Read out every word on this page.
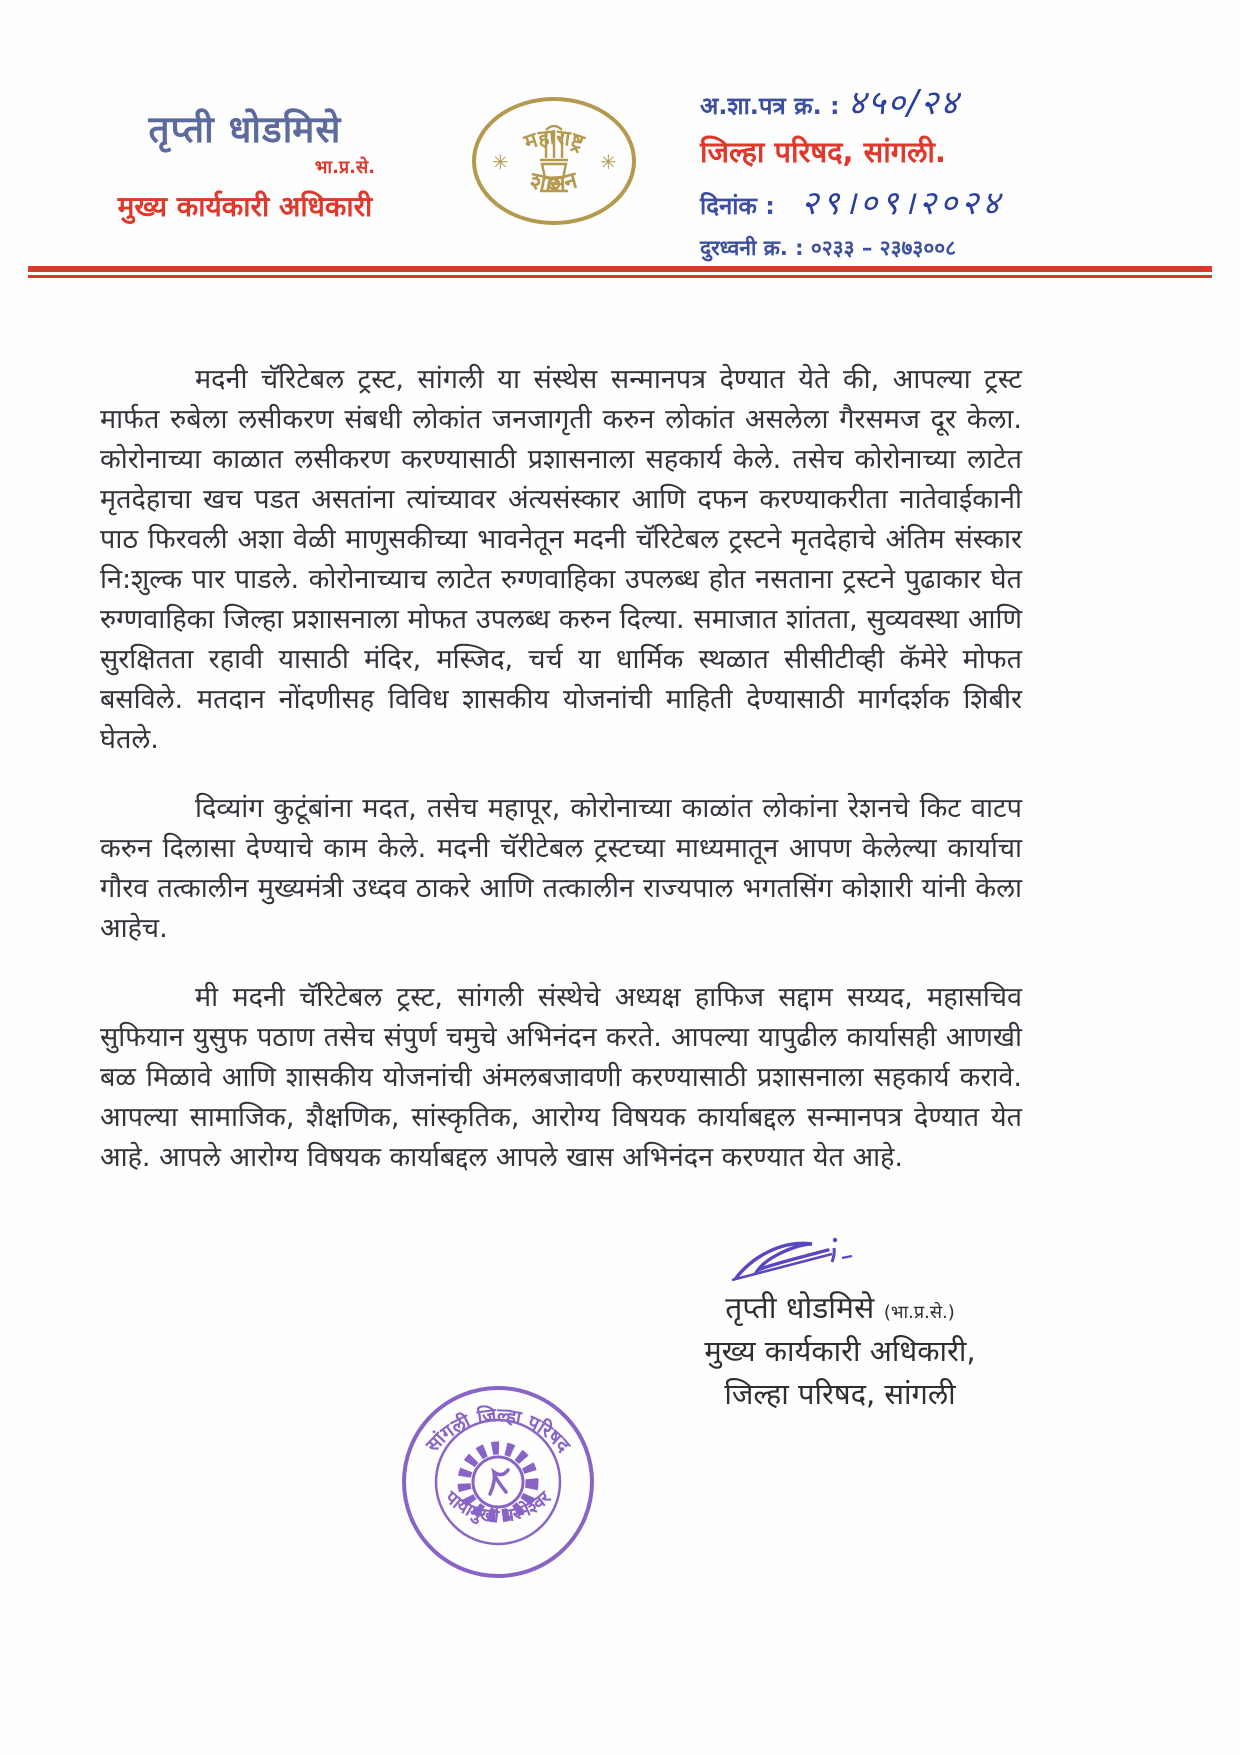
तृप्ती धोडमिसे
भा.प्र.से.
मुख्य कार्यकारी अधिकारी
महाराष्ट्र
शासन
✳	✳
अ.शा.पत्र क्र. : ४५०/२४
जिल्हा परिषद, सांगली.
दिनांक : २९।०९।२०२४
दुरध्वनी क्र. : ०२३३ – २३७३००८

मदनी चॅरिटेबल ट्रस्ट, सांगली या संस्थेस सन्मानपत्र देण्यात येते की, आपल्या ट्रस्ट मार्फत रुबेला लसीकरण संबधी लोकांत जनजागृती करुन लोकांत असलेला गैरसमज दूर केला. कोरोनाच्या काळात लसीकरण करण्यासाठी प्रशासनाला सहकार्य केले. तसेच कोरोनाच्या लाटेत मृतदेहाचा खच पडत असतांना त्यांच्यावर अंत्यसंस्कार आणि दफन करण्याकरीता नातेवाईकानी पाठ फिरवली अशा वेळी माणुसकीच्या भावनेतून मदनी चॅरिटेबल ट्रस्टने मृतदेहाचे अंतिम संस्कार नि:शुल्क पार पाडले. कोरोनाच्याच लाटेत रुग्णवाहिका उपलब्ध होत नसताना ट्रस्टने पुढाकार घेत रुग्णवाहिका जिल्हा प्रशासनाला मोफत उपलब्ध करुन दिल्या. समाजात शांतता, सुव्यवस्था आणि सुरक्षितता रहावी यासाठी मंदिर, मस्जिद, चर्च या धार्मिक स्थळात सीसीटीव्ही कॅमेरे मोफत बसविले. मतदान नोंदणीसह विविध शासकीय योजनांची माहिती देण्यासाठी मार्गदर्शक शिबीर घेतले.

दिव्यांग कुटूंबांना मदत, तसेच महापूर, कोरोनाच्या काळांत लोकांना रेशनचे किट वाटप करुन दिलासा देण्याचे काम केले. मदनी चॅरीटेबल ट्रस्टच्या माध्यमातून आपण केलेल्या कार्याचा गौरव तत्कालीन मुख्यमंत्री उध्दव ठाकरे आणि तत्कालीन राज्यपाल भगतसिंग कोशारी यांनी केला आहेच.

मी मदनी चॅरिटेबल ट्रस्ट, सांगली संस्थेचे अध्यक्ष हाफिज सद्दाम सय्यद, महासचिव सुफियान युसुफ पठाण तसेच संपुर्ण चमुचे अभिनंदन करते. आपल्या यापुढील कार्यासही आणखी बळ मिळावे आणि शासकीय योजनांची अंमलबजावणी करण्यासाठी प्रशासनाला सहकार्य करावे. आपल्या सामाजिक, शैक्षणिक, सांस्कृतिक, आरोग्य विषयक कार्याबद्दल सन्मानपत्र देण्यात येत आहे. आपले आरोग्य विषयक कार्याबद्दल आपले खास अभिनंदन करण्यात येत आहे.

सांगली जिल्हा परिषद
पायामुखी परमेश्वर
तृप्ती धोडमिसे (भा.प्र.से.)
मुख्य कार्यकारी अधिकारी,
जिल्हा परिषद, सांगली
